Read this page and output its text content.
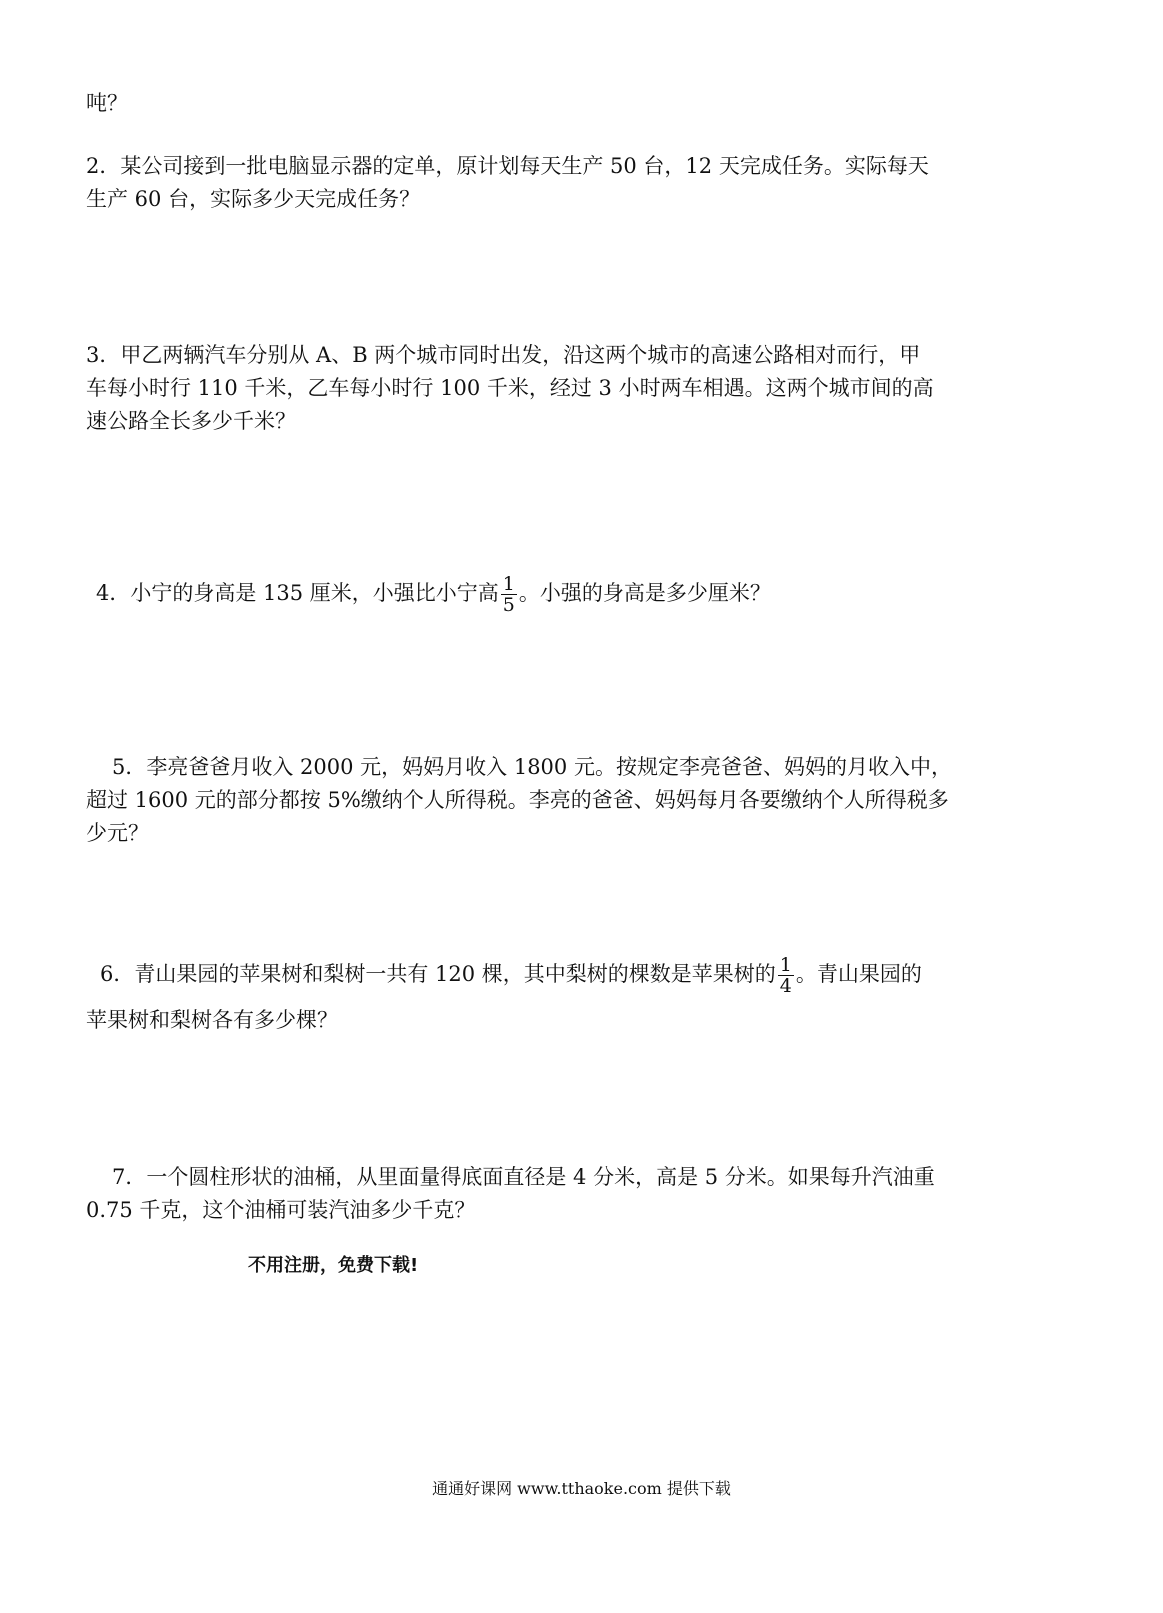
吨？
2．某公司接到一批电脑显示器的定单，原计划每天生产 50 台，12 天完成任务。实际每天
生产 60 台，实际多少天完成任务？
3．甲乙两辆汽车分别从 A、B 两个城市同时出发，沿这两个城市的高速公路相对而行，甲
车每小时行 110 千米，乙车每小时行 100 千米，经过 3 小时两车相遇。这两个城市间的高
速公路全长多少千米？
4．小宁的身高是 135 厘米，小强比小宁高 $\frac{1}{5}$ 。小强的身高是多少厘米？
5．李亮爸爸月收入 2000 元，妈妈月收入 1800 元。按规定李亮爸爸、妈妈的月收入中，
超过 1600 元的部分都按 5%缴纳个人所得税。李亮的爸爸、妈妈每月各要缴纳个人所得税多
少元？
6．青山果园的苹果树和梨树一共有 120 棵，其中梨树的棵数是苹果树的 $\frac{1}{4}$ 。青山果园的
苹果树和梨树各有多少棵？
7．一个圆柱形状的油桶，从里面量得底面直径是 4 分米，高是 5 分米。如果每升汽油重
0.75 千克，这个油桶可装汽油多少千克？
不用注册，免费下载!
通通好课网 www.tthaoke.com 提供下载
